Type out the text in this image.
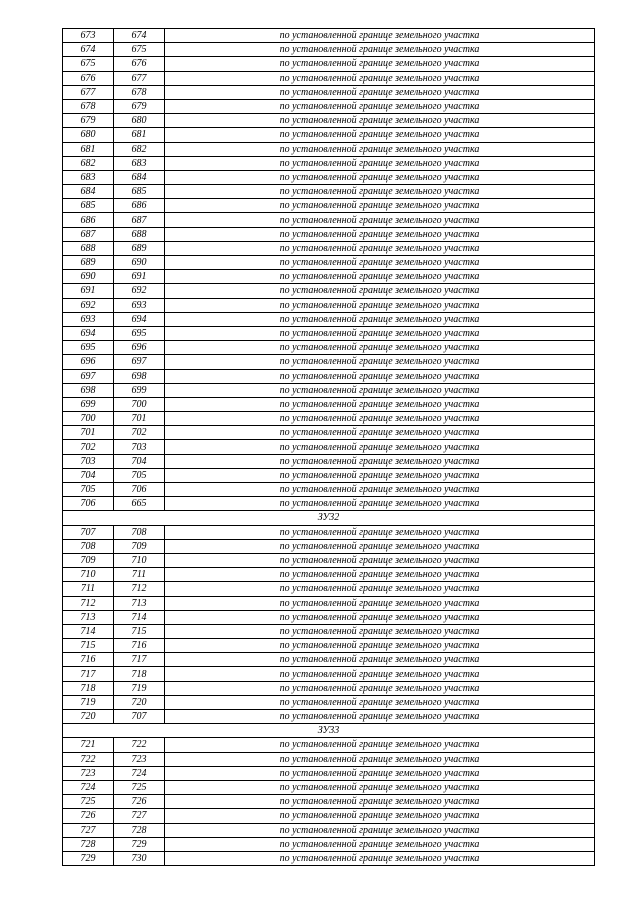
673	674	по установленной границе земельного участка
674	675	по установленной границе земельного участка
675	676	по установленной границе земельного участка
676	677	по установленной границе земельного участка
677	678	по установленной границе земельного участка
678	679	по установленной границе земельного участка
679	680	по установленной границе земельного участка
680	681	по установленной границе земельного участка
681	682	по установленной границе земельного участка
682	683	по установленной границе земельного участка
683	684	по установленной границе земельного участка
684	685	по установленной границе земельного участка
685	686	по установленной границе земельного участка
686	687	по установленной границе земельного участка
687	688	по установленной границе земельного участка
688	689	по установленной границе земельного участка
689	690	по установленной границе земельного участка
690	691	по установленной границе земельного участка
691	692	по установленной границе земельного участка
692	693	по установленной границе земельного участка
693	694	по установленной границе земельного участка
694	695	по установленной границе земельного участка
695	696	по установленной границе земельного участка
696	697	по установленной границе земельного участка
697	698	по установленной границе земельного участка
698	699	по установленной границе земельного участка
699	700	по установленной границе земельного участка
700	701	по установленной границе земельного участка
701	702	по установленной границе земельного участка
702	703	по установленной границе земельного участка
703	704	по установленной границе земельного участка
704	705	по установленной границе земельного участка
705	706	по установленной границе земельного участка
706	665	по установленной границе земельного участка
ЗУ32		
707	708	по установленной границе земельного участка
708	709	по установленной границе земельного участка
709	710	по установленной границе земельного участка
710	711	по установленной границе земельного участка
711	712	по установленной границе земельного участка
712	713	по установленной границе земельного участка
713	714	по установленной границе земельного участка
714	715	по установленной границе земельного участка
715	716	по установленной границе земельного участка
716	717	по установленной границе земельного участка
717	718	по установленной границе земельного участка
718	719	по установленной границе земельного участка
719	720	по установленной границе земельного участка
720	707	по установленной границе земельного участка
ЗУ33		
721	722	по установленной границе земельного участка
722	723	по установленной границе земельного участка
723	724	по установленной границе земельного участка
724	725	по установленной границе земельного участка
725	726	по установленной границе земельного участка
726	727	по установленной границе земельного участка
727	728	по установленной границе земельного участка
728	729	по установленной границе земельного участка
729	730	по установленной границе земельного участка
